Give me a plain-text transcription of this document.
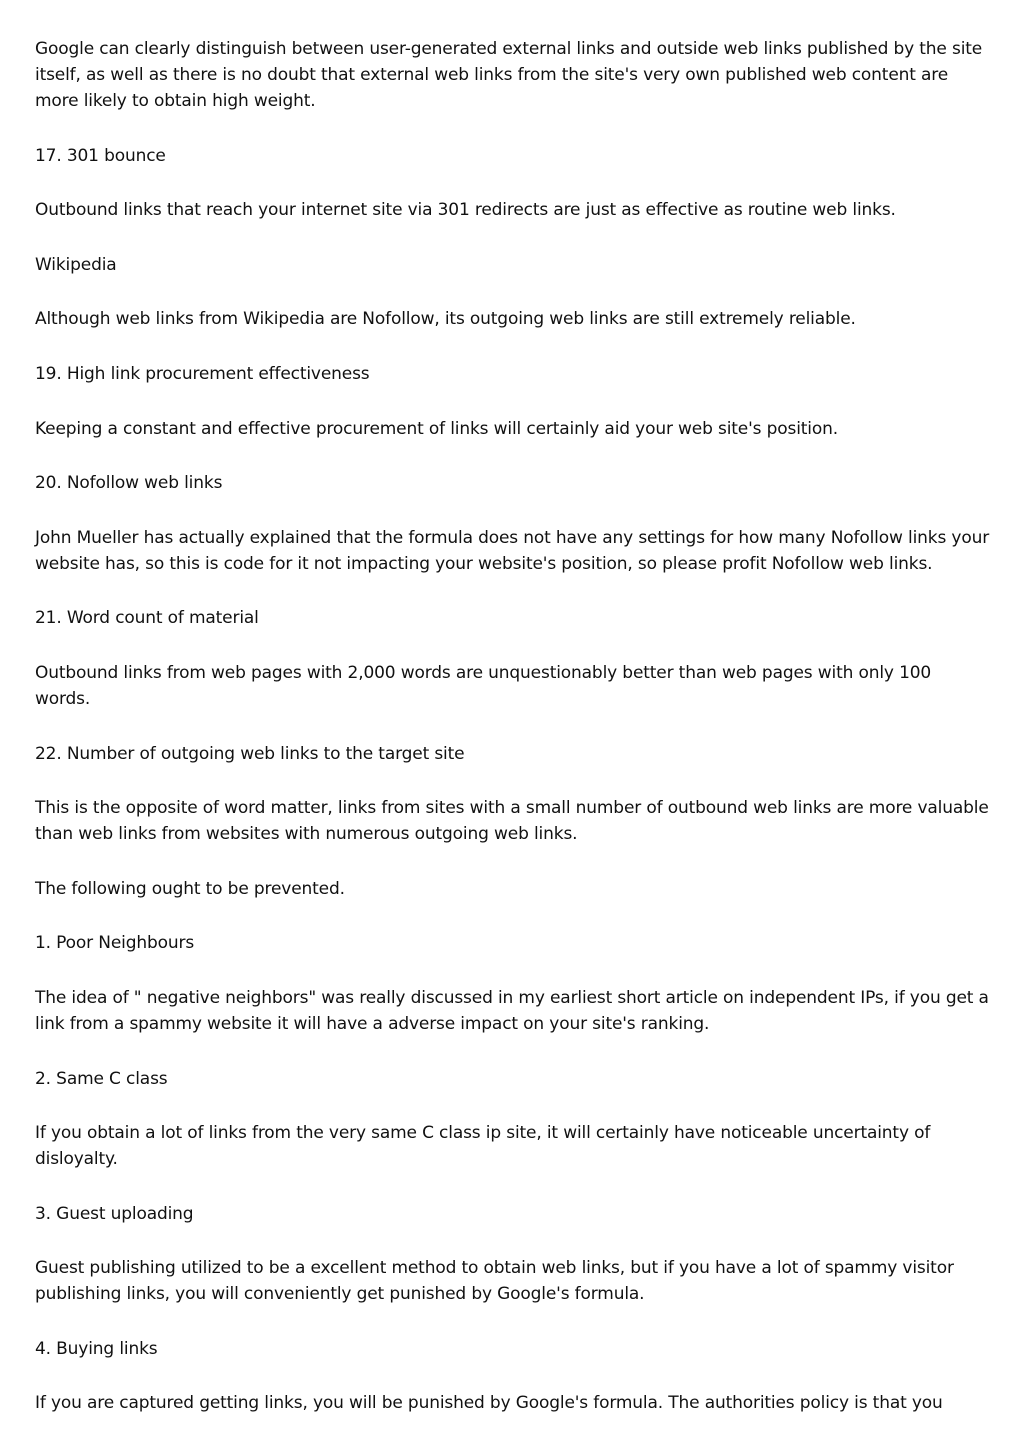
Google can clearly distinguish between user-generated external links and outside web links published by the site itself, as well as there is no doubt that external web links from the site's very own published web content are more likely to obtain high weight.

17. 301 bounce

Outbound links that reach your internet site via 301 redirects are just as effective as routine web links.

Wikipedia

Although web links from Wikipedia are Nofollow, its outgoing web links are still extremely reliable.

19. High link procurement effectiveness

Keeping a constant and effective procurement of links will certainly aid your web site's position.

20. Nofollow web links

John Mueller has actually explained that the formula does not have any settings for how many Nofollow links your website has, so this is code for it not impacting your website's position, so please profit Nofollow web links.

21. Word count of material

Outbound links from web pages with 2,000 words are unquestionably better than web pages with only 100 words.

22. Number of outgoing web links to the target site

This is the opposite of word matter, links from sites with a small number of outbound web links are more valuable than web links from websites with numerous outgoing web links.

The following ought to be prevented.

1. Poor Neighbours

The idea of " negative neighbors" was really discussed in my earliest short article on independent IPs, if you get a link from a spammy website it will have a adverse impact on your site's ranking.

2. Same C class

If you obtain a lot of links from the very same C class ip site, it will certainly have noticeable uncertainty of disloyalty.

3. Guest uploading

Guest publishing utilized to be a excellent method to obtain web links, but if you have a lot of spammy visitor publishing links, you will conveniently get punished by Google's formula.

4. Buying links

If you are captured getting links, you will be punished by Google's formula. The authorities policy is that you
